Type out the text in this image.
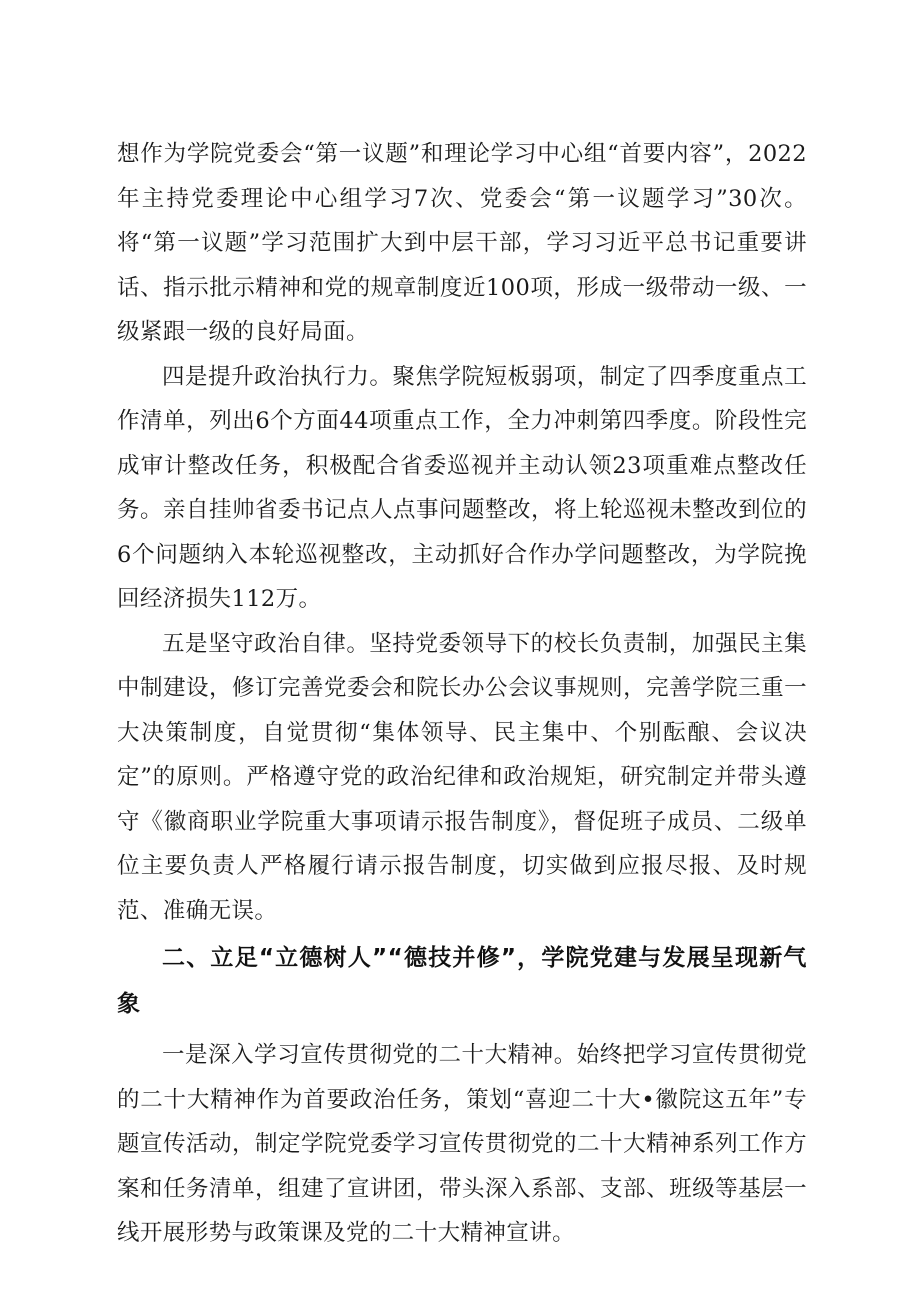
想作为学院党委会“第一议题”和理论学习中心组“首要内容”，2022年主持党委理论中心组学习7次、党委会“第一议题学习”30次。将“第一议题”学习范围扩大到中层干部，学习习近平总书记重要讲话、指示批示精神和党的规章制度近100项，形成一级带动一级、一级紧跟一级的良好局面。

四是提升政治执行力。聚焦学院短板弱项，制定了四季度重点工作清单，列出6个方面44项重点工作，全力冲刺第四季度。阶段性完成审计整改任务，积极配合省委巡视并主动认领23项重难点整改任务。亲自挂帅省委书记点人点事问题整改，将上轮巡视未整改到位的6个问题纳入本轮巡视整改，主动抓好合作办学问题整改，为学院挽回经济损失112万。

五是坚守政治自律。坚持党委领导下的校长负责制，加强民主集中制建设，修订完善党委会和院长办公会议事规则，完善学院三重一大决策制度，自觉贯彻“集体领导、民主集中、个别酝酿、会议决定”的原则。严格遵守党的政治纪律和政治规矩，研究制定并带头遵守《徽商职业学院重大事项请示报告制度》，督促班子成员、二级单位主要负责人严格履行请示报告制度，切实做到应报尽报、及时规范、准确无误。

二、立足“立德树人”“德技并修”，学院党建与发展呈现新气象

一是深入学习宣传贯彻党的二十大精神。始终把学习宣传贯彻党的二十大精神作为首要政治任务，策划“喜迎二十大•徽院这五年”专题宣传活动，制定学院党委学习宣传贯彻党的二十大精神系列工作方案和任务清单，组建了宣讲团，带头深入系部、支部、班级等基层一线开展形势与政策课及党的二十大精神宣讲。
